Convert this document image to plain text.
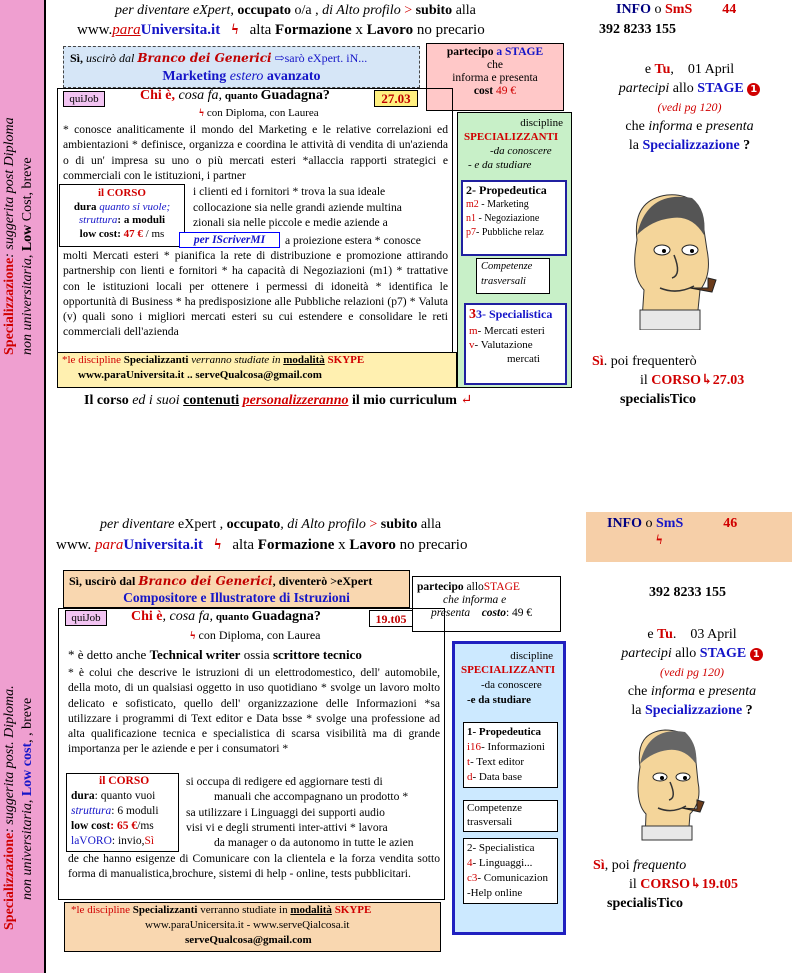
Specializzazione: suggerita post Diploma
non universitaria, Low Cost, breve
Specializzazione: suggerita post. Diploma.
non universitaria, Low cost, , breve
per diventare eXpert, occupato o/a , di Alto profilo > subito alla
www.paraUniversita.it   ϟ   alta Formazione x Lavoro no precario
Sì, uscirò dal Branco dei Generici ⇨sarò eXpert. iN...
Marketing estero avanzato
partecipo a STAGE
che
informa e presenta
cost 49 €
quiJob	Chi è, cosa fa, quanto Guadagna?	27.03
ϟ con Diploma, con Laurea
* conosce analiticamente il mondo del Marketing e le relative correlazioni ed ambientazioni * definisce, organizza e coordina le attività di vendita di un'azienda o di un' impresa su uno o più mercati esteri *allaccia rapporti strategici e commerciali con le istituzioni, i partner
il CORSO
dura quanto si vuole;
struttura: a moduli
low cost: 47 € / ms
i clienti ed i fornitori * trova la sua ideale
collocazione sia nelle grandi aziende multina
zionali sia nelle piccole e medie aziende a
per IScriverMI	a proiezione estera * conosce
molti Mercati esteri * pianifica la rete di distribuzione e promozione attirando partnership con lienti e fornitori * ha capacità di Negoziazioni (m1) * trattative con le istituzioni locali per ottenere i permessi di idoneità * identifica le opportunità di Business * ha predisposizione alle Pubbliche relazioni (p7) * Valuta (v) quali sono i migliori mercati esteri su cui estendere e consolidare le reti commerciali dell'azienda
*le discipline Specializzanti verranno studiate in modalità SKYPE
www.paraUniversita.it .. serveQualcosa@gmail.com
Il corso ed i suoi contenuti personalizzeranno il mio curriculum ↵
discipline
SPECIALIZZANTI
-da conoscere
- e da studiare
2- Propedeutica
m2 - Marketing
n1 - Negoziazione
p7- Pubbliche relaz
Competenze
trasversali
33- Specialistica
m- Mercati esteri
v- Valutazione
mercati
INFO o SmS 44
392 8233 155
e Tu, 01 April
partecipi allo STAGE 1
(vedi pg 120)
che informa e presenta
la Specializzazione ?
Sì. poi frequenterò
il CORSO↳27.03
specialisTico
per diventare eXpert , occupato, di Alto profilo > subito alla
www. paraUniversita.it   ϟ   alta Formazione x Lavoro no precario
Sì, uscirò dal Branco dei Generici, diventerò >eXpert
Compositore e Illustratore di Istruzioni
partecipo alloSTAGE
che informa e
presenta costo: 49 €
quiJob	Chi è, cosa fa, quanto Guadagna?	19.t05
ϟ con Diploma, con Laurea
* è detto anche Technical writer ossia scrittore tecnico
* è colui che descrive le istruzioni di un elettrodomestico, dell' automobile, della moto, di un qualsiasi oggetto in uso quotidiano * svolge un lavoro molto delicato e sofisticato, quello dell' organizzazione delle Informazioni *sa utilizzare i programmi di Text editor e Data bsse * svolge una professione ad alta qualificazione tecnica e specialistica di scarsa visibilità ma di grande importanza per le aziende e per i consumatori *
il CORSO
dura: quanto vuoi
struttura: 6 moduli
low cost: 65 €/ms
laVORO: invio,Sì
si occupa di redigere ed aggiornare testi di
manuali che accompagnano un prodotto *
sa utilizzare i Linguaggi dei supporti audio
visi vi e degli strumenti inter-attivi * lavora
da manager o da autonomo in tutte le azien
de che hanno esigenze di Comunicare con la clientela e la forza vendita sotto forma di manualistica,brochure, sistemi di help - online, tests pubblicitari.
*le discipline Specializzanti verranno studiate in modalità SKYPE
www.paraUnicersita.it - www.serveQialcosa.it
serveQualcosa@gmail.com
discipline
SPECIALIZZANTI
-da conoscere
-e da studiare
1- Propedeutica
i16- Informazioni
t- Text editor
d- Data base
Competenze
trasversali
2- Specialistica
4- Linguaggi...
c3- Comunicazion
-Help online
INFO o SmS	46
ϟ
392 8233 155
e Tu. 03 April
partecipi allo STAGE 1
(vedi pg 120)
che informa e presenta
la Specializzazione ?
Sì, poi frequento
il CORSO↳19.t05
specialisTico
